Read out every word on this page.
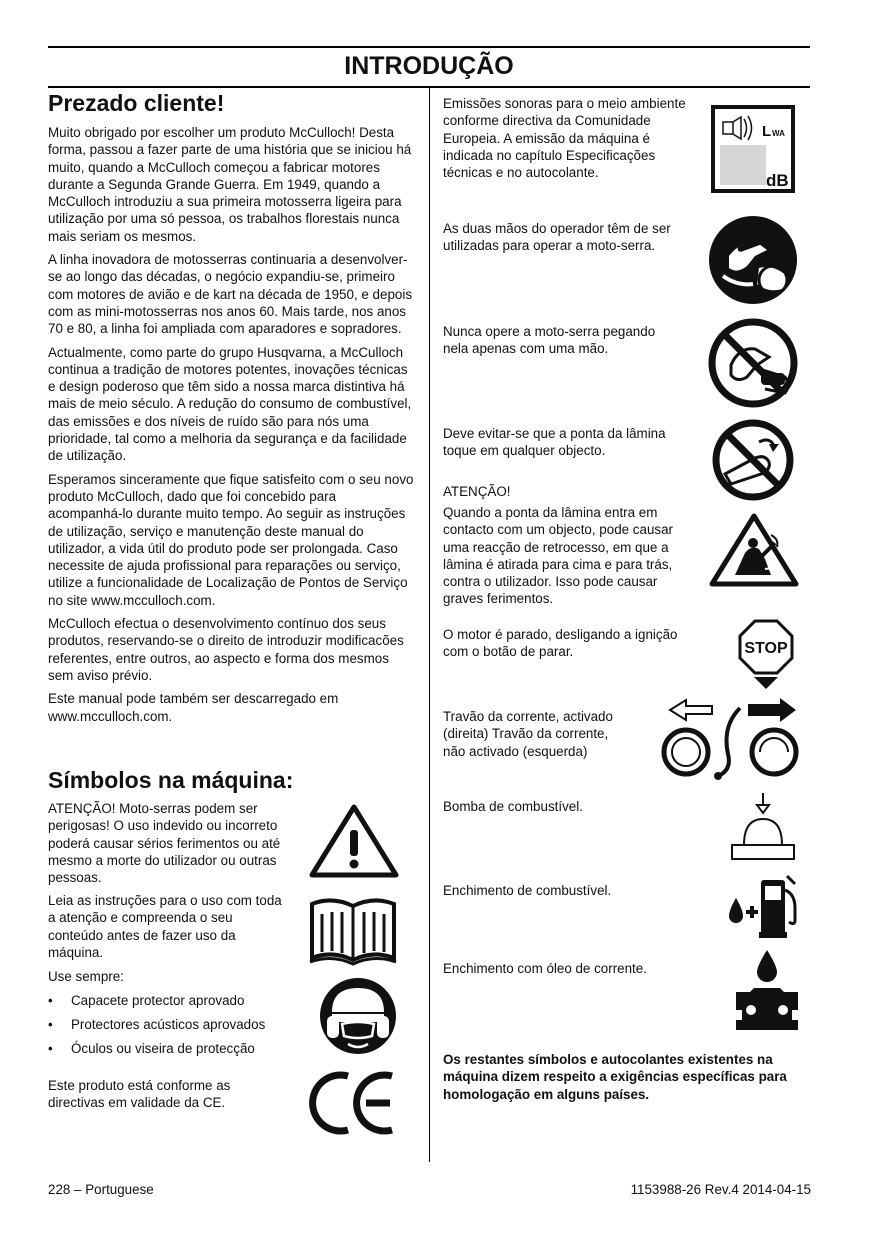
INTRODUÇÃO
Prezado cliente!

Muito obrigado por escolher um produto McCulloch! Desta forma, passou a fazer parte de uma história que se iniciou há muito, quando a McCulloch começou a fabricar motores durante a Segunda Grande Guerra. Em 1949, quando a McCulloch introduziu a sua primeira motosserra ligeira para utilização por uma só pessoa, os trabalhos florestais nunca mais seriam os mesmos.

A linha inovadora de motosserras continuaria a desenvolver-se ao longo das décadas, o negócio expandiu-se, primeiro com motores de avião e de kart na década de 1950, e depois com as mini-motosserras nos anos 60. Mais tarde, nos anos 70 e 80, a linha foi ampliada com aparadores e sopradores.

Actualmente, como parte do grupo Husqvarna, a McCulloch continua a tradição de motores potentes, inovações técnicas e design poderoso que têm sido a nossa marca distintiva há mais de meio século. A redução do consumo de combustível, das emissões e dos níveis de ruído são para nós uma prioridade, tal como a melhoria da segurança e da facilidade de utilização.

Esperamos sinceramente que fique satisfeito com o seu novo produto McCulloch, dado que foi concebido para acompanhá-lo durante muito tempo. Ao seguir as instruções de utilização, serviço e manutenção deste manual do utilizador, a vida útil do produto pode ser prolongada. Caso necessite de ajuda profissional para reparações ou serviço, utilize a funcionalidade de Localização de Pontos de Serviço no site www.mcculloch.com.

McCulloch efectua o desenvolvimento contínuo dos seus produtos, reservando-se o direito de introduzir modificacões referentes, entre outros, ao aspecto e forma dos mesmos sem aviso prévio.

Este manual pode também ser descarregado em www.mcculloch.com.

Símbolos na máquina:

ATENÇÃO! Moto-serras podem ser perigosas! O uso indevido ou incorreto poderá causar sérios ferimentos ou até mesmo a morte do utilizador ou outras pessoas.

Leia as instruções para o uso com toda a atenção e compreenda o seu conteúdo antes de fazer uso da máquina.

Use sempre:

• Capacete protector aprovado
• Protectores acústicos aprovados
• Óculos ou viseira de protecção

Este produto está conforme as directivas em validade da CE.

Emissões sonoras para o meio ambiente conforme directiva da Comunidade Europeia. A emissão da máquina é indicada no capítulo Especificações técnicas e no autocolante.

As duas mãos do operador têm de ser utilizadas para operar a moto-serra.

Nunca opere a moto-serra pegando nela apenas com uma mão.

Deve evitar-se que a ponta da lâmina toque em qualquer objecto.

ATENÇÃO!

Quando a ponta da lâmina entra em contacto com um objecto, pode causar uma reacção de retrocesso, em que a lâmina é atirada para cima e para trás, contra o utilizador. Isso pode causar graves ferimentos.

O motor é parado, desligando a ignição com o botão de parar.

Travão da corrente, activado (direita) Travão da corrente, não activado (esquerda)

Bomba de combustível.

Enchimento de combustível.

Enchimento com óleo de corrente.

Os restantes símbolos e autocolantes existentes na máquina dizem respeito a exigências específicas para homologação em alguns países.

L WA
dB
STOP
228 – Portuguese	1153988-26 Rev.4 2014-04-15
